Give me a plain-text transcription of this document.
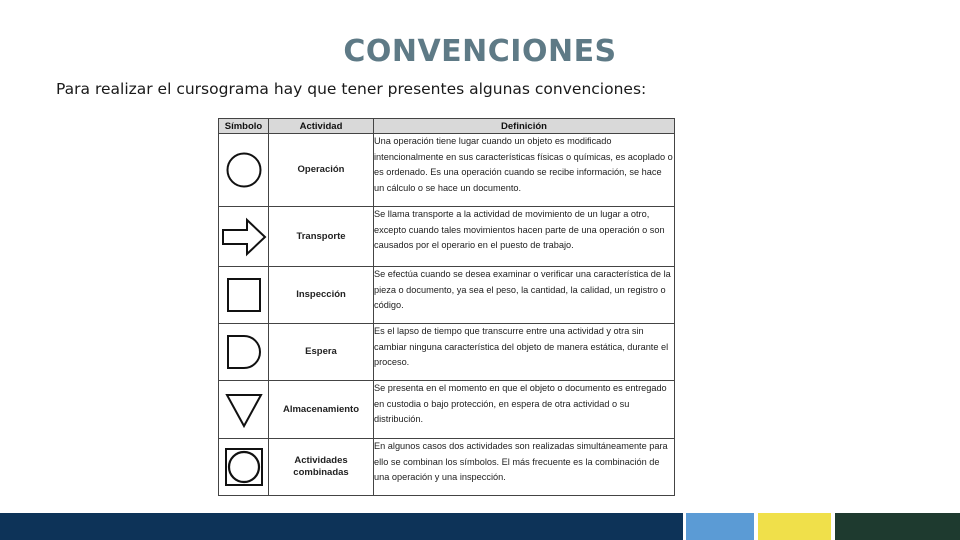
CONVENCIONES
Para realizar el cursograma hay que tener presentes algunas convenciones:
Símbolo	Actividad	Definición

	Operación	Una operación tiene lugar cuando un objeto es modificado intencionalmente en sus características físicas o químicas, es acoplado o es ordenado. Es una operación cuando se recibe información, se hace un cálculo o se hace un documento.

	Transporte	Se llama transporte a la actividad de movimiento de un lugar a otro, excepto cuando tales movimientos hacen parte de una operación o son causados por el operario en el puesto de trabajo.

	Inspección	Se efectúa cuando se desea examinar o verificar una característica de la pieza o documento, ya sea el peso, la cantidad, la calidad, un registro o código.

	Espera	Es el lapso de tiempo que transcurre entre una actividad y otra sin cambiar ninguna característica del objeto de manera estática, durante el proceso.

	Almacenamiento	Se presenta en el momento en que el objeto o documento es entregado en custodia o bajo protección, en espera de otra actividad o su distribución.

	Actividades combinadas	En algunos casos dos actividades son realizadas simultáneamente para ello se combinan los símbolos. El más frecuente es la combinación de una operación y una inspección.
